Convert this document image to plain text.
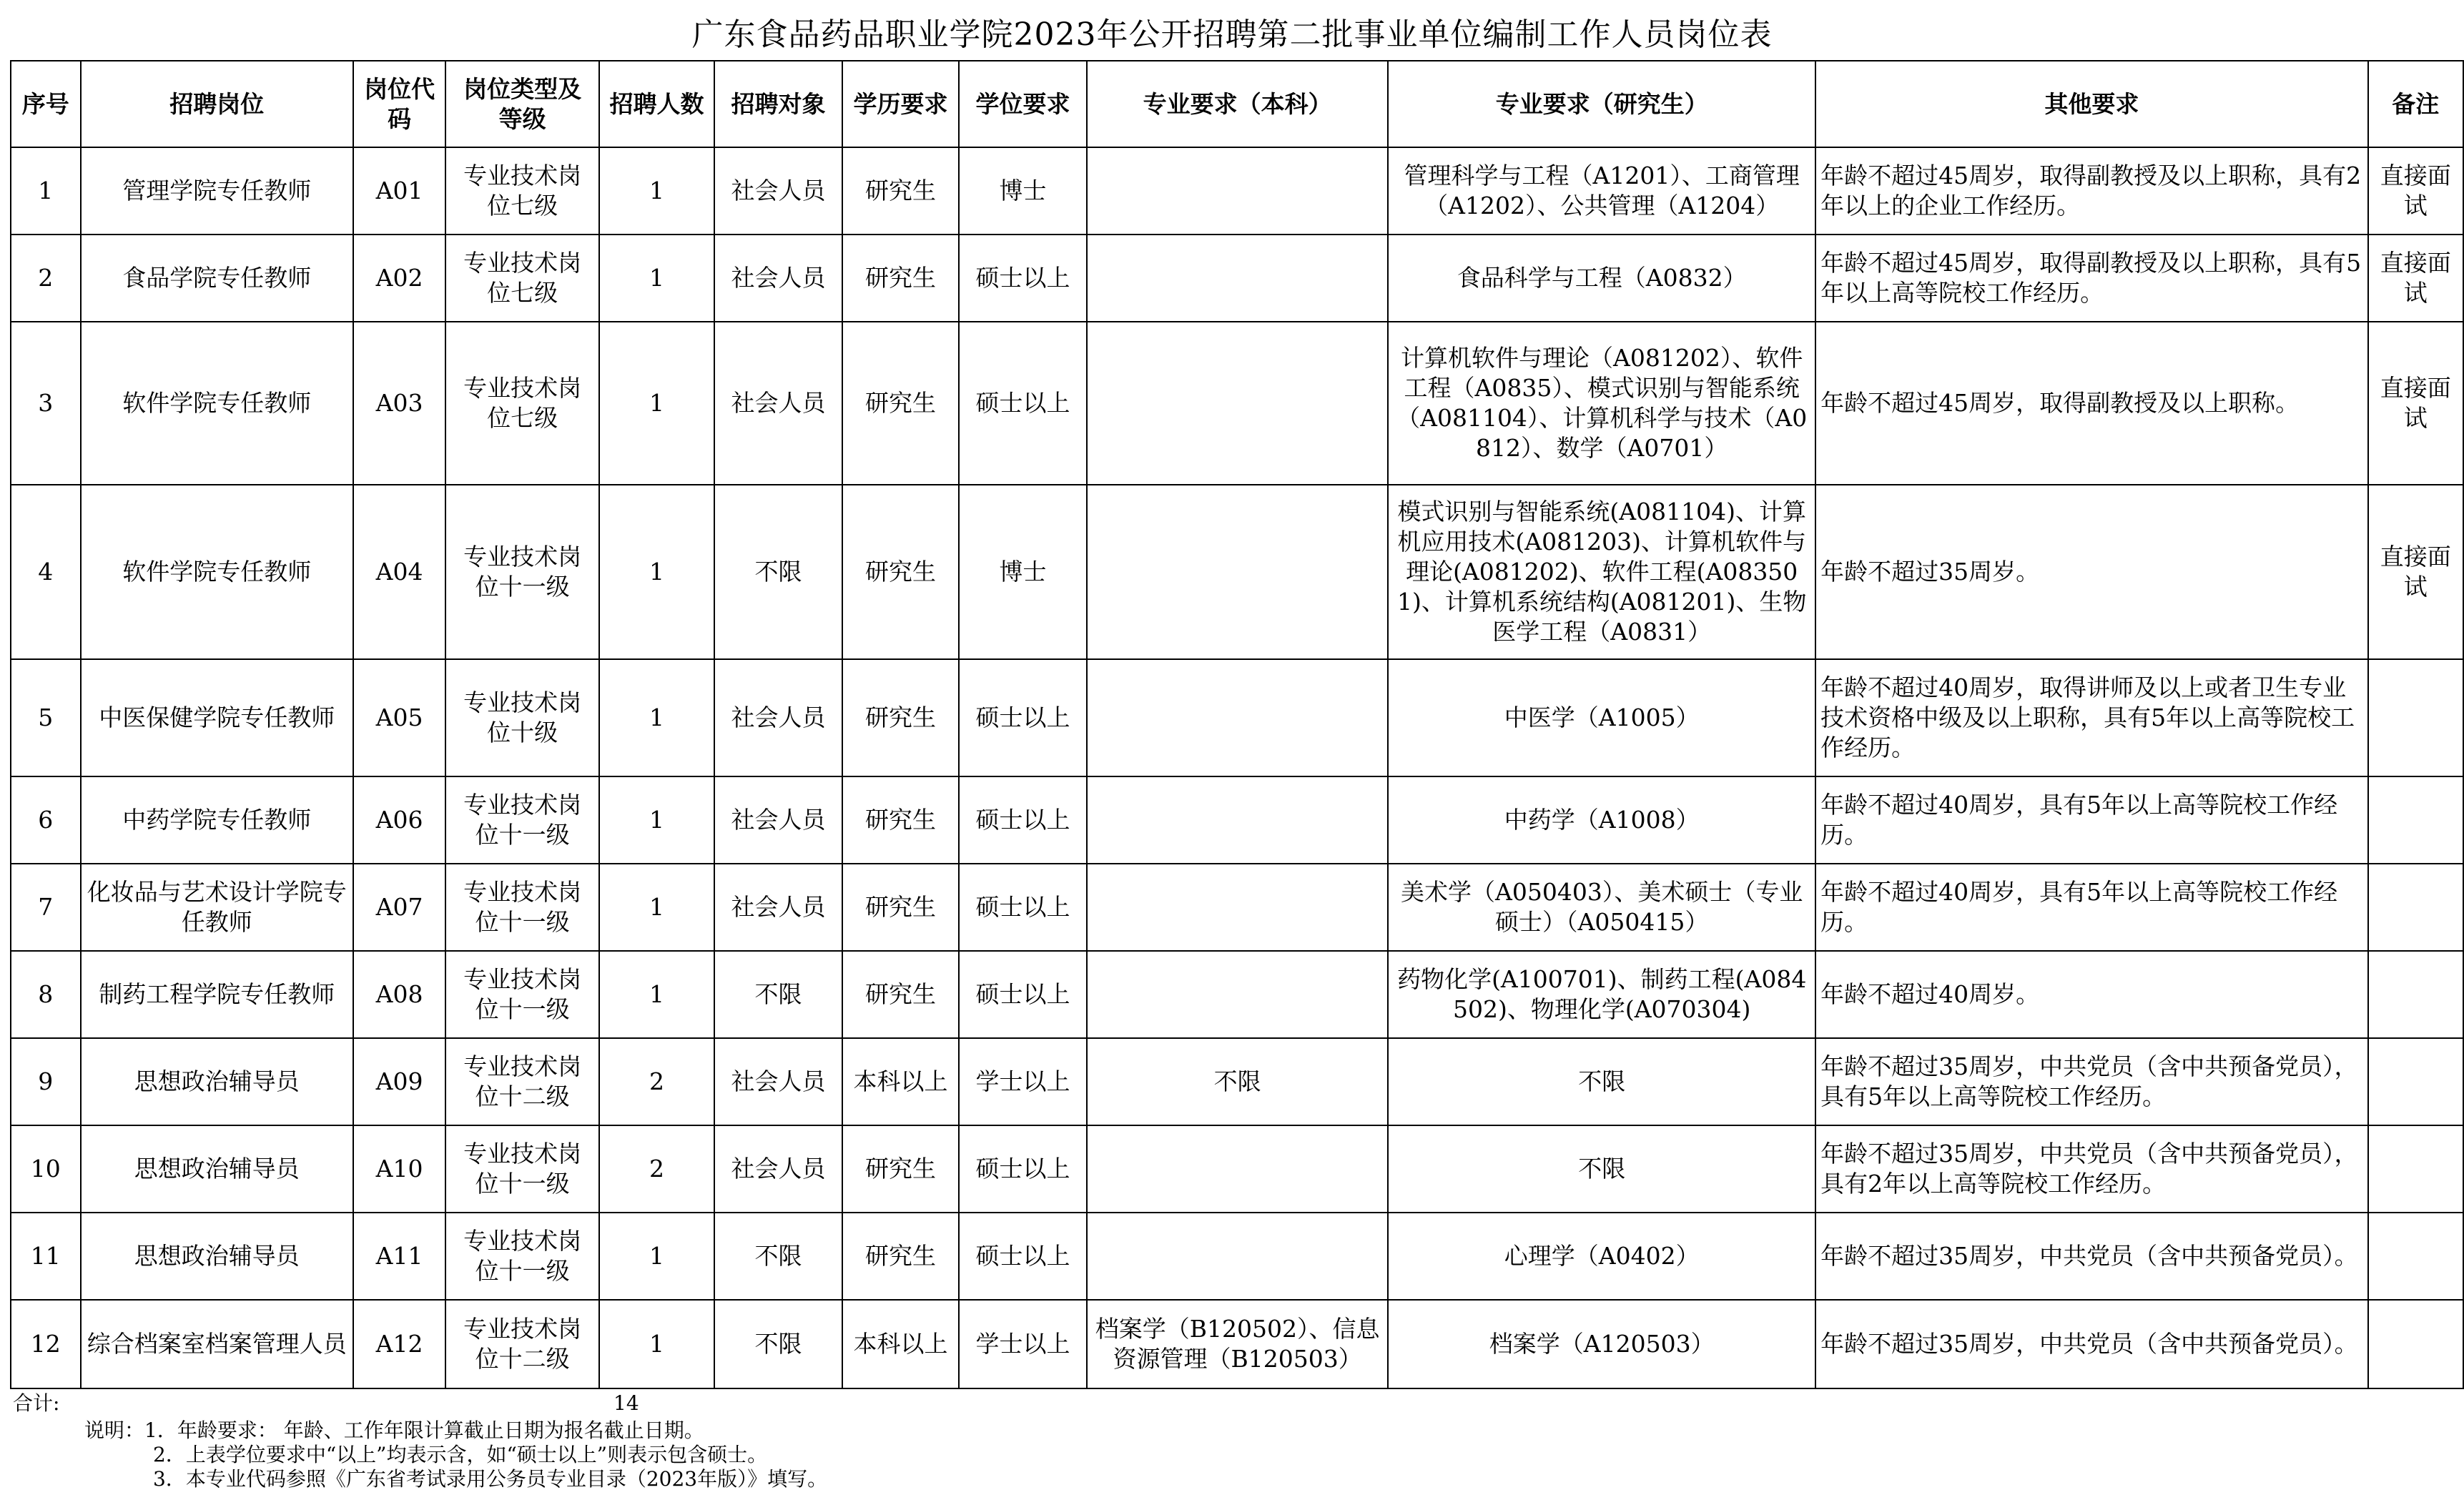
广东食品药品职业学院2023年公开招聘第二批事业单位编制工作人员岗位表
序号	招聘岗位	岗位代码	岗位类型及等级	招聘人数	招聘对象	学历要求	学位要求	专业要求（本科）	专业要求（研究生）	其他要求	备注
1	管理学院专任教师	A01	专业技术岗位七级	1	社会人员	研究生	博士		管理科学与工程（A1201）、工商管理（A1202）、公共管理（A1204）	年龄不超过45周岁，取得副教授及以上职称，具有2年以上的企业工作经历。	直接面试
2	食品学院专任教师	A02	专业技术岗位七级	1	社会人员	研究生	硕士以上		食品科学与工程（A0832）	年龄不超过45周岁，取得副教授及以上职称，具有5年以上高等院校工作经历。	直接面试
3	软件学院专任教师	A03	专业技术岗位七级	1	社会人员	研究生	硕士以上		计算机软件与理论（A081202）、软件工程（A0835）、模式识别与智能系统（A081104）、计算机科学与技术（A0812）、数学（A0701）	年龄不超过45周岁，取得副教授及以上职称。	直接面试
4	软件学院专任教师	A04	专业技术岗位十一级	1	不限	研究生	博士		模式识别与智能系统(A081104)、计算机应用技术(A081203)、计算机软件与理论(A081202)、软件工程(A083501)、计算机系统结构(A081201)、生物医学工程（A0831）	年龄不超过35周岁。	直接面试
5	中医保健学院专任教师	A05	专业技术岗位十级	1	社会人员	研究生	硕士以上		中医学（A1005）	年龄不超过40周岁，取得讲师及以上或者卫生专业技术资格中级及以上职称，具有5年以上高等院校工作经历。	
6	中药学院专任教师	A06	专业技术岗位十一级	1	社会人员	研究生	硕士以上		中药学（A1008）	年龄不超过40周岁，具有5年以上高等院校工作经历。	
7	化妆品与艺术设计学院专任教师	A07	专业技术岗位十一级	1	社会人员	研究生	硕士以上		美术学（A050403）、美术硕士（专业硕士）（A050415）	年龄不超过40周岁，具有5年以上高等院校工作经历。	
8	制药工程学院专任教师	A08	专业技术岗位十一级	1	不限	研究生	硕士以上		药物化学(A100701)、制药工程(A084502)、物理化学(A070304)	年龄不超过40周岁。	
9	思想政治辅导员	A09	专业技术岗位十二级	2	社会人员	本科以上	学士以上	不限	不限	年龄不超过35周岁，中共党员（含中共预备党员），具有5年以上高等院校工作经历。	
10	思想政治辅导员	A10	专业技术岗位十一级	2	社会人员	研究生	硕士以上		不限	年龄不超过35周岁，中共党员（含中共预备党员），具有2年以上高等院校工作经历。	
11	思想政治辅导员	A11	专业技术岗位十一级	1	不限	研究生	硕士以上		心理学（A0402）	年龄不超过35周岁，中共党员（含中共预备党员）。	
12	综合档案室档案管理人员	A12	专业技术岗位十二级	1	不限	本科以上	学士以上	档案学（B120502）、信息资源管理（B120503）	档案学（A120503）	年龄不超过35周岁，中共党员（含中共预备党员）。	
合计:	14
说明：1．年龄要求： 年龄、工作年限计算截止日期为报名截止日期。
2．上表学位要求中“以上”均表示含，如“硕士以上”则表示包含硕士。
3．本专业代码参照《广东省考试录用公务员专业目录（2023年版）》填写。
